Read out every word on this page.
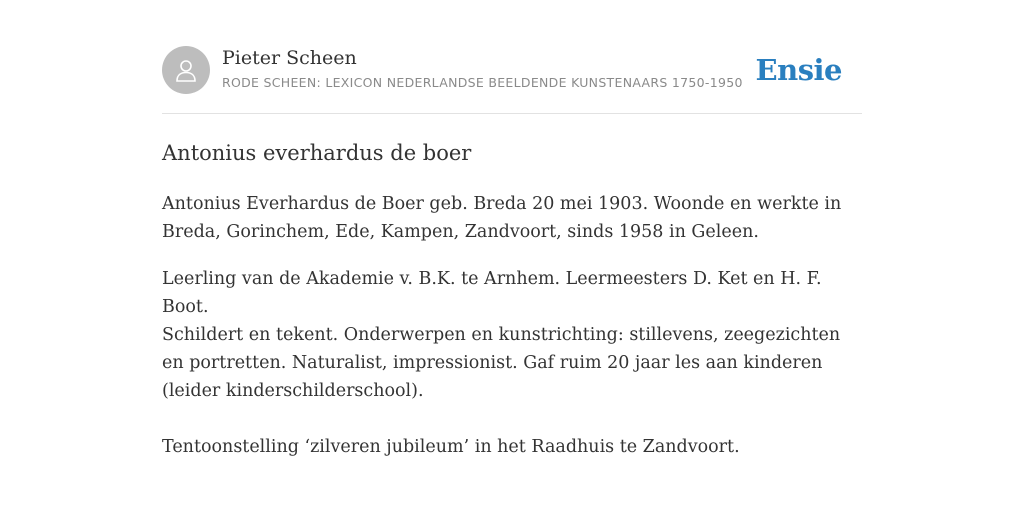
Pieter Scheen
RODE SCHEEN: LEXICON NEDERLANDSE BEELDENDE KUNSTENAARS 1750-1950 Ensie
Antonius everhardus de boer

Antonius Everhardus de Boer geb. Breda 20 mei 1903. Woonde en werkte in Breda, Gorinchem, Ede, Kampen, Zandvoort, sinds 1958 in Geleen.

Leerling van de Akademie v. B.K. te Arnhem. Leermeesters D. Ket en H. F. Boot.

Schildert en tekent. Onderwerpen en kunstrichting: stillevens, zeegezichten en portretten. Naturalist, impressionist. Gaf ruim 20 jaar les aan kinderen (leider kinderschilderschool).

Tentoonstelling ‘zilveren jubileum’ in het Raadhuis te Zandvoort.
